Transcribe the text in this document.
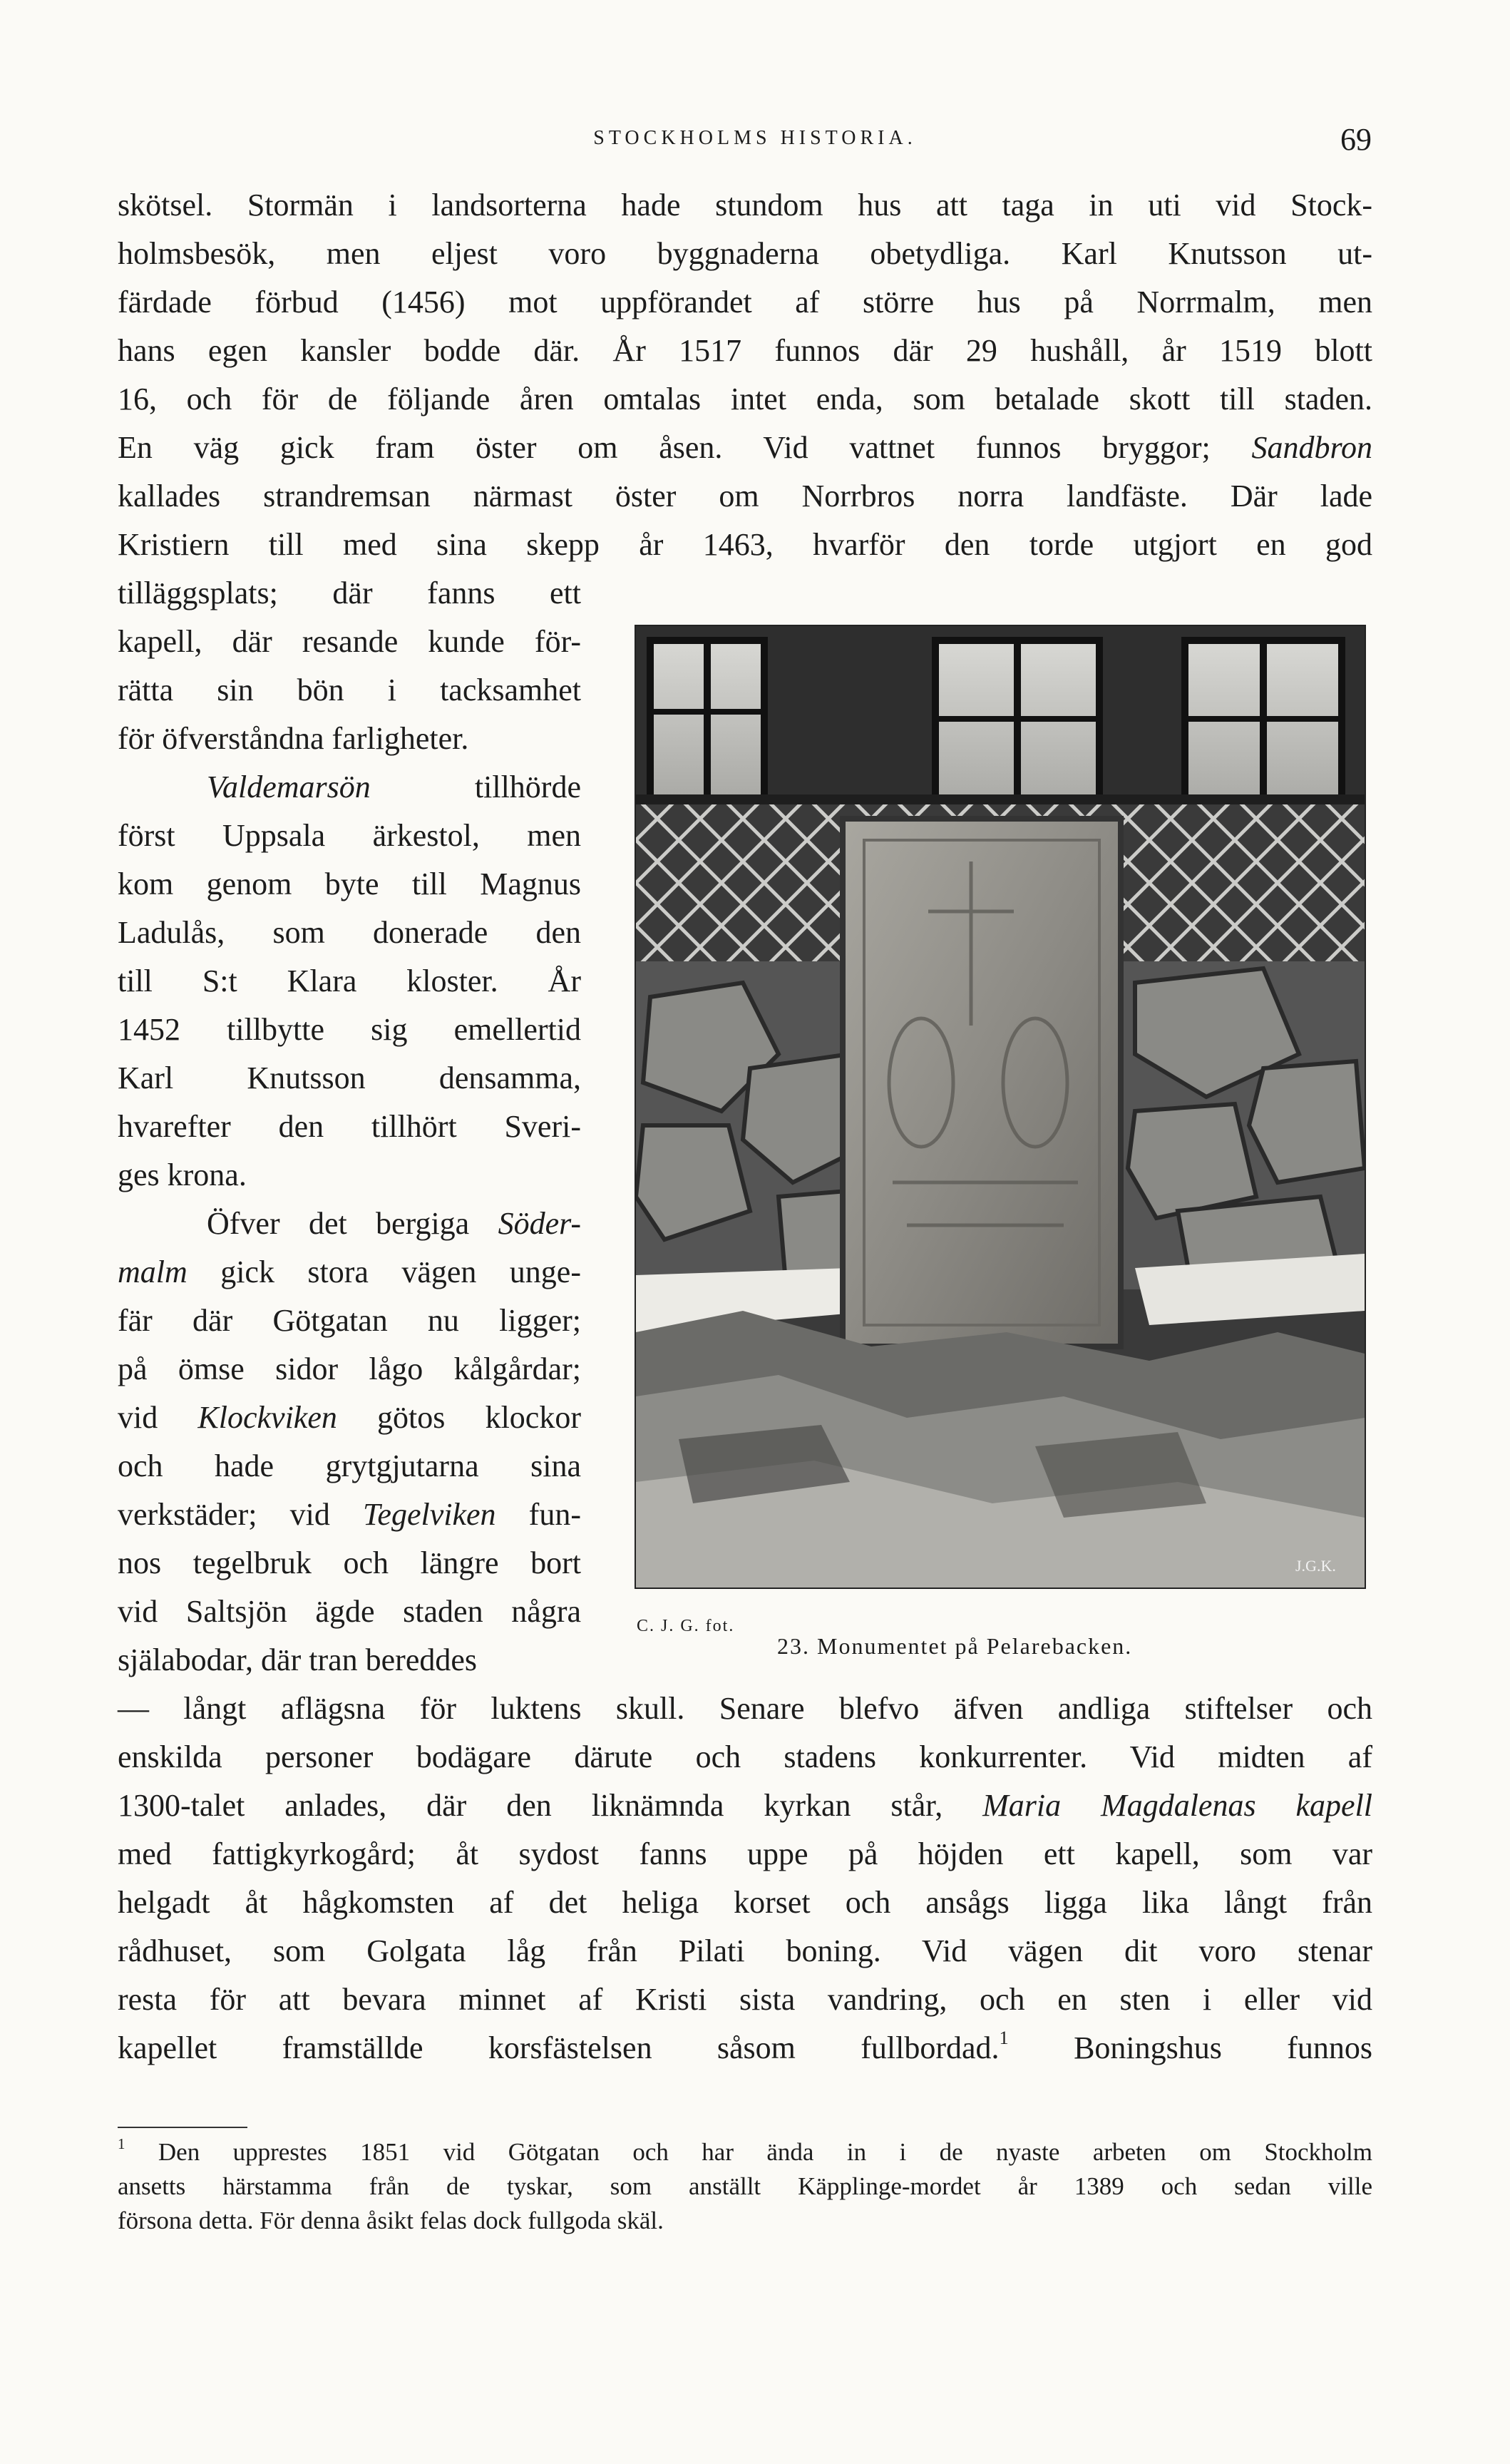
STOCKHOLMS HISTORIA.	69
skötsel. Stormän i landsorterna hade stundom hus att taga in uti vid Stock-
holmsbesök, men eljest voro byggnaderna obetydliga. Karl Knutsson ut-
färdade förbud (1456) mot uppförandet af större hus på Norrmalm, men
hans egen kansler bodde där. År 1517 funnos där 29 hushåll, år 1519 blott
16, och för de följande åren omtalas intet enda, som betalade skott till staden.
En väg gick fram öster om åsen. Vid vattnet funnos bryggor; Sandbron
kallades strandremsan närmast öster om Norrbros norra landfäste. Där lade
Kristiern till med sina skepp år 1463, hvarför den torde utgjort en god
tilläggsplats; där fanns ett
kapell, där resande kunde för-
rätta sin bön i tacksamhet
för öfverståndna farligheter.
Valdemarsön tillhörde
först Uppsala ärkestol, men
kom genom byte till Magnus
Ladulås, som donerade den
till S:t Klara kloster. År
1452 tillbytte sig emellertid
Karl Knutsson densamma,
hvarefter den tillhört Sveri-
ges krona.
Öfver det bergiga Söder-
malm gick stora vägen unge-
fär där Götgatan nu ligger;
på ömse sidor lågo kålgårdar;
vid Klockviken götos klockor
och hade grytgjutarna sina
verkstäder; vid Tegelviken fun-
nos tegelbruk och längre bort
vid Saltsjön ägde staden några
själabodar, där tran bereddes
J.G.K.
C. J. G. fot.
23. Monumentet på Pelarebacken.
— långt aflägsna för luktens skull. Senare blefvo äfven andliga stiftelser och
enskilda personer bodägare därute och stadens konkurrenter. Vid midten af
1300-talet anlades, där den liknämnda kyrkan står, Maria Magdalenas kapell
med fattigkyrkogård; åt sydost fanns uppe på höjden ett kapell, som var
helgadt åt hågkomsten af det heliga korset och ansågs ligga lika långt från
rådhuset, som Golgata låg från Pilati boning. Vid vägen dit voro stenar
resta för att bevara minnet af Kristi sista vandring, och en sten i eller vid
kapellet framställde korsfästelsen såsom fullbordad.$^1$ Boningshus funnos
$^1$ Den upprestes 1851 vid Götgatan och har ända in i de nyaste arbeten om Stockholm
ansetts härstamma från de tyskar, som anställt Käpplinge-mordet år 1389 och sedan ville
försona detta. För denna åsikt felas dock fullgoda skäl.
